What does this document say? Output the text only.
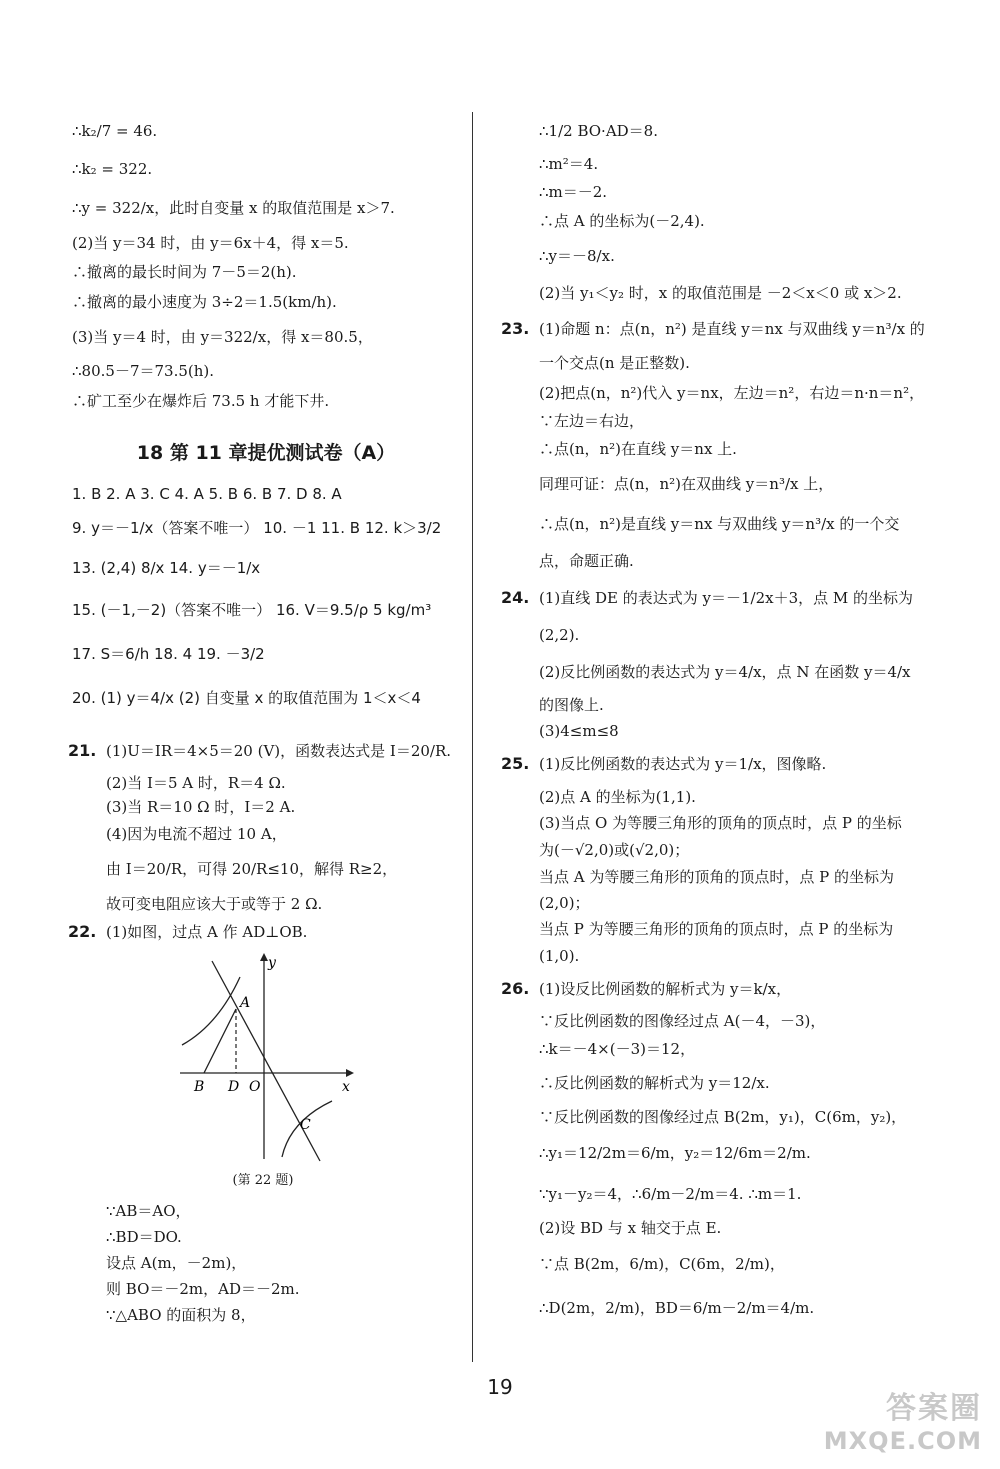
∴k₂/7 = 46.
∴k₂ = 322.
∴y = 322/x，此时自变量 x 的取值范围是 x＞7.
(2)当 y＝34 时，由 y＝6x＋4，得 x＝5.
∴撤离的最长时间为 7－5＝2(h).
∴撤离的最小速度为 3÷2＝1.5(km/h).
(3)当 y＝4 时，由 y＝322/x，得 x＝80.5，
∴80.5－7＝73.5(h).
∴矿工至少在爆炸后 73.5 h 才能下井.
18 第 11 章提优测试卷（A）
1. B 2. A 3. C 4. A 5. B 6. B 7. D 8. A
9. y＝－1/x（答案不唯一） 10. －1 11. B 12. k＞3/2
13. (2,4) 8/x 14. y＝－1/x
15. (－1,－2)（答案不唯一） 16. V＝9.5/ρ 5 kg/m³
17. S＝6/h 18. 4 19. －3/2
20. (1) y＝4/x (2) 自变量 x 的取值范围为 1＜x＜4
21. (1)U＝IR＝4×5＝20 (V)，函数表达式是 I＝20/R.
(2)当 I＝5 A 时，R＝4 Ω.
(3)当 R＝10 Ω 时，I＝2 A.
(4)因为电流不超过 10 A，
由 I＝20/R，可得 20/R≤10，解得 R≥2，
故可变电阻应该大于或等于 2 Ω.
22. (1)如图，过点 A 作 AD⊥OB.
y
x
A
B D O
C
(第 22 题)
∵AB＝AO，
∴BD＝DO.
设点 A(m，－2m)，
则 BO＝－2m，AD＝－2m.
∵△ABO 的面积为 8，
∴1/2 BO·AD＝8.
∴m²＝4.
∴m＝－2.
∴点 A 的坐标为(－2,4).
∴y＝－8/x.
(2)当 y₁＜y₂ 时，x 的取值范围是 －2＜x＜0 或 x＞2.
23. (1)命题 n：点(n，n²) 是直线 y＝nx 与双曲线 y＝n³/x 的
一个交点(n 是正整数).
(2)把点(n，n²)代入 y＝nx，左边＝n²，右边＝n·n＝n²，
∵左边＝右边，
∴点(n，n²)在直线 y＝nx 上.
同理可证：点(n，n²)在双曲线 y＝n³/x 上，
∴点(n，n²)是直线 y＝nx 与双曲线 y＝n³/x 的一个交
点，命题正确.
24. (1)直线 DE 的表达式为 y＝－1/2x＋3，点 M 的坐标为
(2,2).
(2)反比例函数的表达式为 y＝4/x，点 N 在函数 y＝4/x
的图像上.
(3)4≤m≤8
25. (1)反比例函数的表达式为 y＝1/x，图像略.
(2)点 A 的坐标为(1,1).
(3)当点 O 为等腰三角形的顶角的顶点时，点 P 的坐标
为(－√2,0)或(√2,0)；
当点 A 为等腰三角形的顶角的顶点时，点 P 的坐标为
(2,0)；
当点 P 为等腰三角形的顶角的顶点时，点 P 的坐标为
(1,0).
26. (1)设反比例函数的解析式为 y＝k/x，
∵反比例函数的图像经过点 A(－4，－3)，
∴k＝－4×(－3)＝12，
∴反比例函数的解析式为 y＝12/x.
∵反比例函数的图像经过点 B(2m，y₁)，C(6m，y₂)，
∴y₁＝12/2m＝6/m，y₂＝12/6m＝2/m.
∵y₁－y₂＝4，∴6/m－2/m＝4. ∴m＝1.
(2)设 BD 与 x 轴交于点 E.
∵点 B(2m，6/m)，C(6m，2/m)，
∴D(2m，2/m)，BD＝6/m－2/m＝4/m.
19
答案圈
MXQE.COM
